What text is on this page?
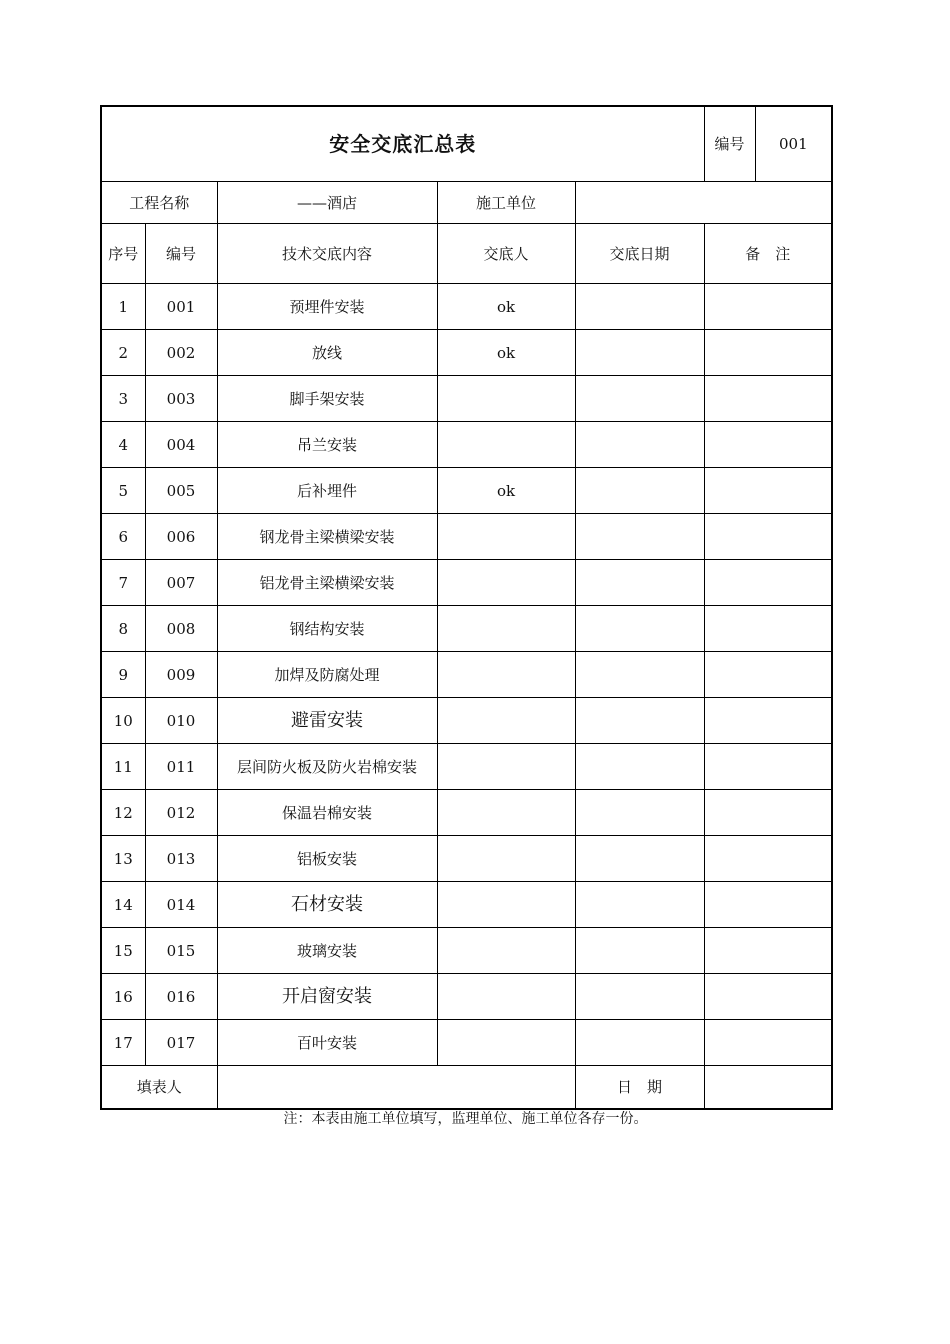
安全交底汇总表					编号	001
工程名称		——酒店	施工单位			
序号	编号	技术交底内容	交底人	交底日期	备　注	
1	001	预埋件安装	ok			
2	002	放线	ok			
3	003	脚手架安装				
4	004	吊兰安装				
5	005	后补埋件	ok			
6	006	钢龙骨主梁横梁安装				
7	007	铝龙骨主梁横梁安装				
8	008	钢结构安装				
9	009	加焊及防腐处理				
10	010	避雷安装				
11	011	层间防火板及防火岩棉安装				
12	012	保温岩棉安装				
13	013	铝板安装				
14	014	石材安装				
15	015	玻璃安装				
16	016	开启窗安装				
17	017	百叶安装				
填表人				日　期		
注：本表由施工单位填写，监理单位、施工单位各存一份。
